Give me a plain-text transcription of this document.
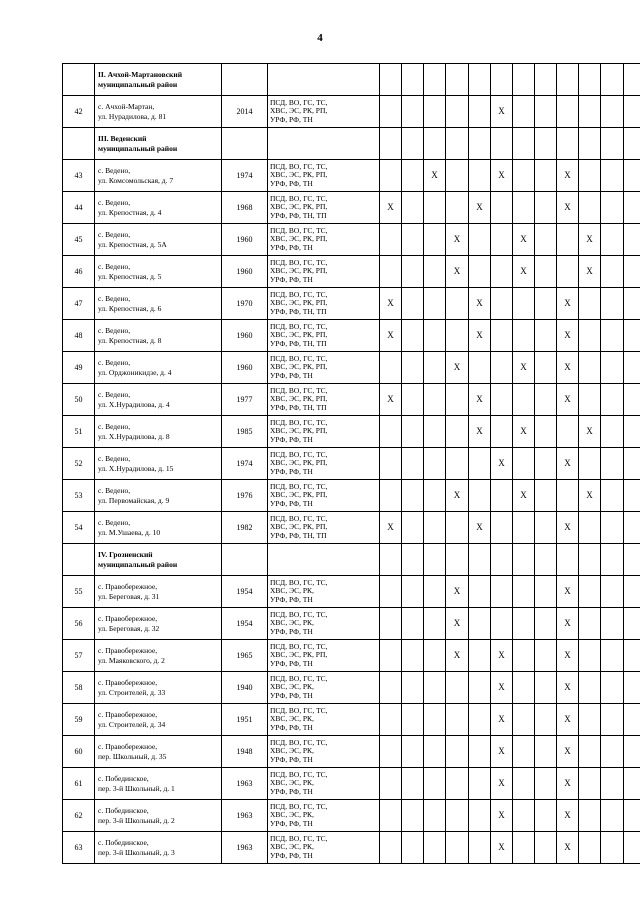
4
	II. Ачхой-Мартановский
муниципальный район														
42	с. Ачхой-Мартан,
ул. Нурадилова, д. 81	2014	ПСД, ВО, ГС, ТС,
ХВС, ЭС, РК, РП,
УРФ, РФ, ТН						X						
	III. Веденский
муниципальный район														
43	с. Ведено,
ул. Комсомольская, д. 7	1974	ПСД, ВО, ГС, ТС,
ХВС, ЭС, РК, РП,
УРФ, РФ, ТН			X			X			X			
44	с. Ведено,
ул. Крепостная, д. 4	1968	ПСД, ВО, ГС, ТС,
ХВС, ЭС, РК, РП,
УРФ, РФ, ТН, ТП	X				X				X			
45	с. Ведено,
ул. Крепостная, д. 5А	1960	ПСД, ВО, ГС, ТС,
ХВС, ЭС, РК, РП,
УРФ, РФ, ТН				X			X			X		
46	с. Ведено,
ул. Крепостная, д. 5	1960	ПСД, ВО, ГС, ТС,
ХВС, ЭС, РК, РП,
УРФ, РФ, ТН				X			X			X		
47	с. Ведено,
ул. Крепостная, д. 6	1970	ПСД, ВО, ГС, ТС,
ХВС, ЭС, РК, РП,
УРФ, РФ, ТН, ТП	X				X				X			
48	с. Ведено,
ул. Крепостная, д. 8	1960	ПСД, ВО, ГС, ТС,
ХВС, ЭС, РК, РП,
УРФ, РФ, ТН, ТП	X				X				X			
49	с. Ведено,
ул. Орджоникидзе, д. 4	1960	ПСД, ВО, ГС, ТС,
ХВС, ЭС, РК, РП,
УРФ, РФ, ТН				X			X		X			
50	с. Ведено,
ул. Х.Нурадилова, д. 4	1977	ПСД, ВО, ГС, ТС,
ХВС, ЭС, РК, РП,
УРФ, РФ, ТН, ТП	X				X				X			
51	с. Ведено,
ул. Х.Нурадилова, д. 8	1985	ПСД, ВО, ГС, ТС,
ХВС, ЭС, РК, РП,
УРФ, РФ, ТН					X		X			X		
52	с. Ведено,
ул. Х.Нурадилова, д. 15	1974	ПСД, ВО, ГС, ТС,
ХВС, ЭС, РК, РП,
УРФ, РФ, ТН						X			X			
53	с. Ведено,
ул. Первомайская, д. 9	1976	ПСД, ВО, ГС, ТС,
ХВС, ЭС, РК, РП,
УРФ, РФ, ТН				X			X			X		
54	с. Ведено,
ул. М.Ушаева, д. 10	1982	ПСД, ВО, ГС, ТС,
ХВС, ЭС, РК, РП,
УРФ, РФ, ТН, ТП	X				X				X			
	IV. Грозненский
муниципальный район														
55	с. Правобережное,
ул. Береговая, д. 31	1954	ПСД, ВО, ГС, ТС,
ХВС, ЭС, РК,
УРФ, РФ, ТН				X					X			
56	с. Правобережное,
ул. Береговая, д. 32	1954	ПСД, ВО, ГС, ТС,
ХВС, ЭС, РК,
УРФ, РФ, ТН				X					X			
57	с. Правобережное,
ул. Маяковского, д. 2	1965	ПСД, ВО, ГС, ТС,
ХВС, ЭС, РК, РП,
УРФ, РФ, ТН				X		X			X			
58	с. Правобережное,
ул. Строителей, д. 33	1940	ПСД, ВО, ГС, ТС,
ХВС, ЭС, РК,
УРФ, РФ, ТН						X			X			
59	с. Правобережное,
ул. Строителей, д. 34	1951	ПСД, ВО, ГС, ТС,
ХВС, ЭС, РК,
УРФ, РФ, ТН						X			X			
60	с. Правобережное,
пер. Школьный, д. 35	1948	ПСД, ВО, ГС, ТС,
ХВС, ЭС, РК,
УРФ, РФ, ТН						X			X			
61	с. Побединское,
пер. 3-й Школьный, д. 1	1963	ПСД, ВО, ГС, ТС,
ХВС, ЭС, РК,
УРФ, РФ, ТН						X			X			
62	с. Побединское,
пер. 3-й Школьный, д. 2	1963	ПСД, ВО, ГС, ТС,
ХВС, ЭС, РК,
УРФ, РФ, ТН						X			X			
63	с. Побединское,
пер. 3-й Школьный, д. 3	1963	ПСД, ВО, ГС, ТС,
ХВС, ЭС, РК,
УРФ, РФ, ТН						X			X			
